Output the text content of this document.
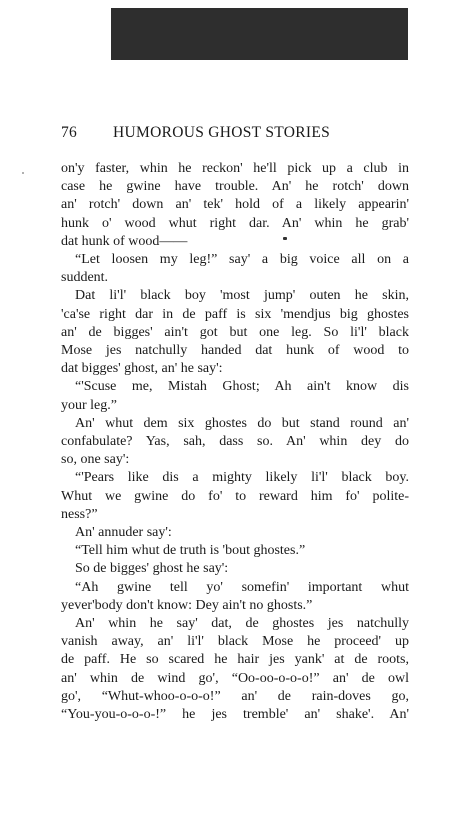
76 HUMOROUS GHOST STORIES
on'y faster, whin he reckon' he'll pick up a club in
case he gwine have trouble. An' he rotch' down
an' rotch' down an' tek' hold of a likely appearin'
hunk o' wood whut right dar. An' whin he grab'
dat hunk of wood——
“Let loosen my leg!” say' a big voice all on a
suddent.
Dat li'l' black boy 'most jump' outen he skin,
'ca'se right dar in de paff is six 'mendjus big ghostes
an' de bigges' ain't got but one leg. So li'l' black
Mose jes natchully handed dat hunk of wood to
dat bigges' ghost, an' he say':
“'Scuse me, Mistah Ghost; Ah ain't know dis
your leg.”
An' whut dem six ghostes do but stand round an'
confabulate? Yas, sah, dass so. An' whin dey do
so, one say':
“'Pears like dis a mighty likely li'l' black boy.
Whut we gwine do fo' to reward him fo' polite-
ness?”
An' annuder say':
“Tell him whut de truth is 'bout ghostes.”
So de bigges' ghost he say':
“Ah gwine tell yo' somefin' important whut
yever'body don't know: Dey ain't no ghosts.”
An' whin he say' dat, de ghostes jes natchully
vanish away, an' li'l' black Mose he proceed' up
de paff. He so scared he hair jes yank' at de roots,
an' whin de wind go', “Oo-oo-o-o-o!” an' de owl
go', “Whut-whoo-o-o-o!” an' de rain-doves go,
“You-you-o-o-o-!” he jes tremble' an' shake'. An'
